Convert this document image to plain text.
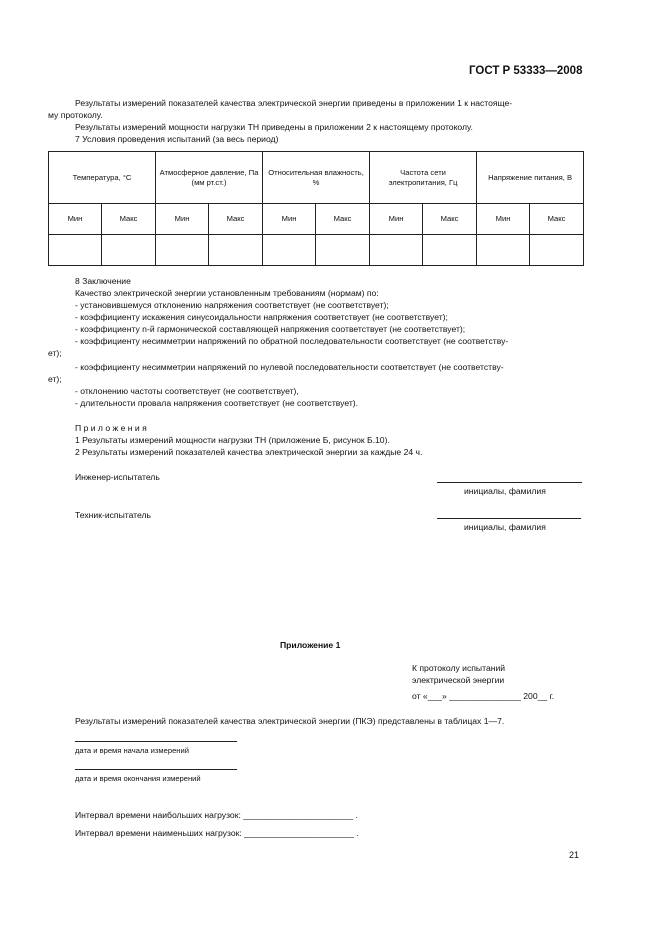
ГОСТ Р 53333—2008
Результаты измерений показателей качества электрической энергии приведены в приложении 1 к настояще-
му протоколу.
Результаты измерений мощности нагрузки ТН приведены в приложении 2 к настоящему протоколу.
7 Условия проведения испытаний (за весь период)
Температура, °С		Атмосферное давление, Па (мм рт.ст.)		Относительная влажность, %		Частота сети электропитания, Гц		Напряжение питания, В	
Мин	Макс	Мин	Макс	Мин	Макс	Мин	Макс	Мин	Макс

8 Заключение
Качество электрической энергии установленным требованиям (нормам) по:
- установившемуся отклонению напряжения соответствует (не соответствует);
- коэффициенту искажения синусоидальности напряжения соответствует (не соответствует);
- коэффициенту n-й гармонической составляющей напряжения соответствует (не соответствует);
- коэффициенту несимметрии напряжений по обратной последовательности соответствует (не соответству-
ет);
- коэффициенту несимметрии напряжений по нулевой последовательности соответствует (не соответству-
ет);
- отклонению частоты соответствует (не соответствует),
- длительности провала напряжения соответствует (не соответствует).
П р и л о ж е н и я
1 Результаты измерений мощности нагрузки ТН (приложение Б, рисунок Б.10).
2 Результаты измерений показателей качества электрической энергии за каждые 24 ч.
Инженер-испытатель
инициалы, фамилия
Техник-испытатель
инициалы, фамилия
Приложение 1
К протоколу испытаний
электрической энергии
от «___» _______________ 200__ г.
Результаты измерений показателей качества электрической энергии (ПКЭ) представлены в таблицах 1—7.
дата и время начала измерений
дата и время окончания измерений
Интервал времени наибольших нагрузок: _______________________ .
Интервал времени наименьших нагрузок: _______________________ .
21
